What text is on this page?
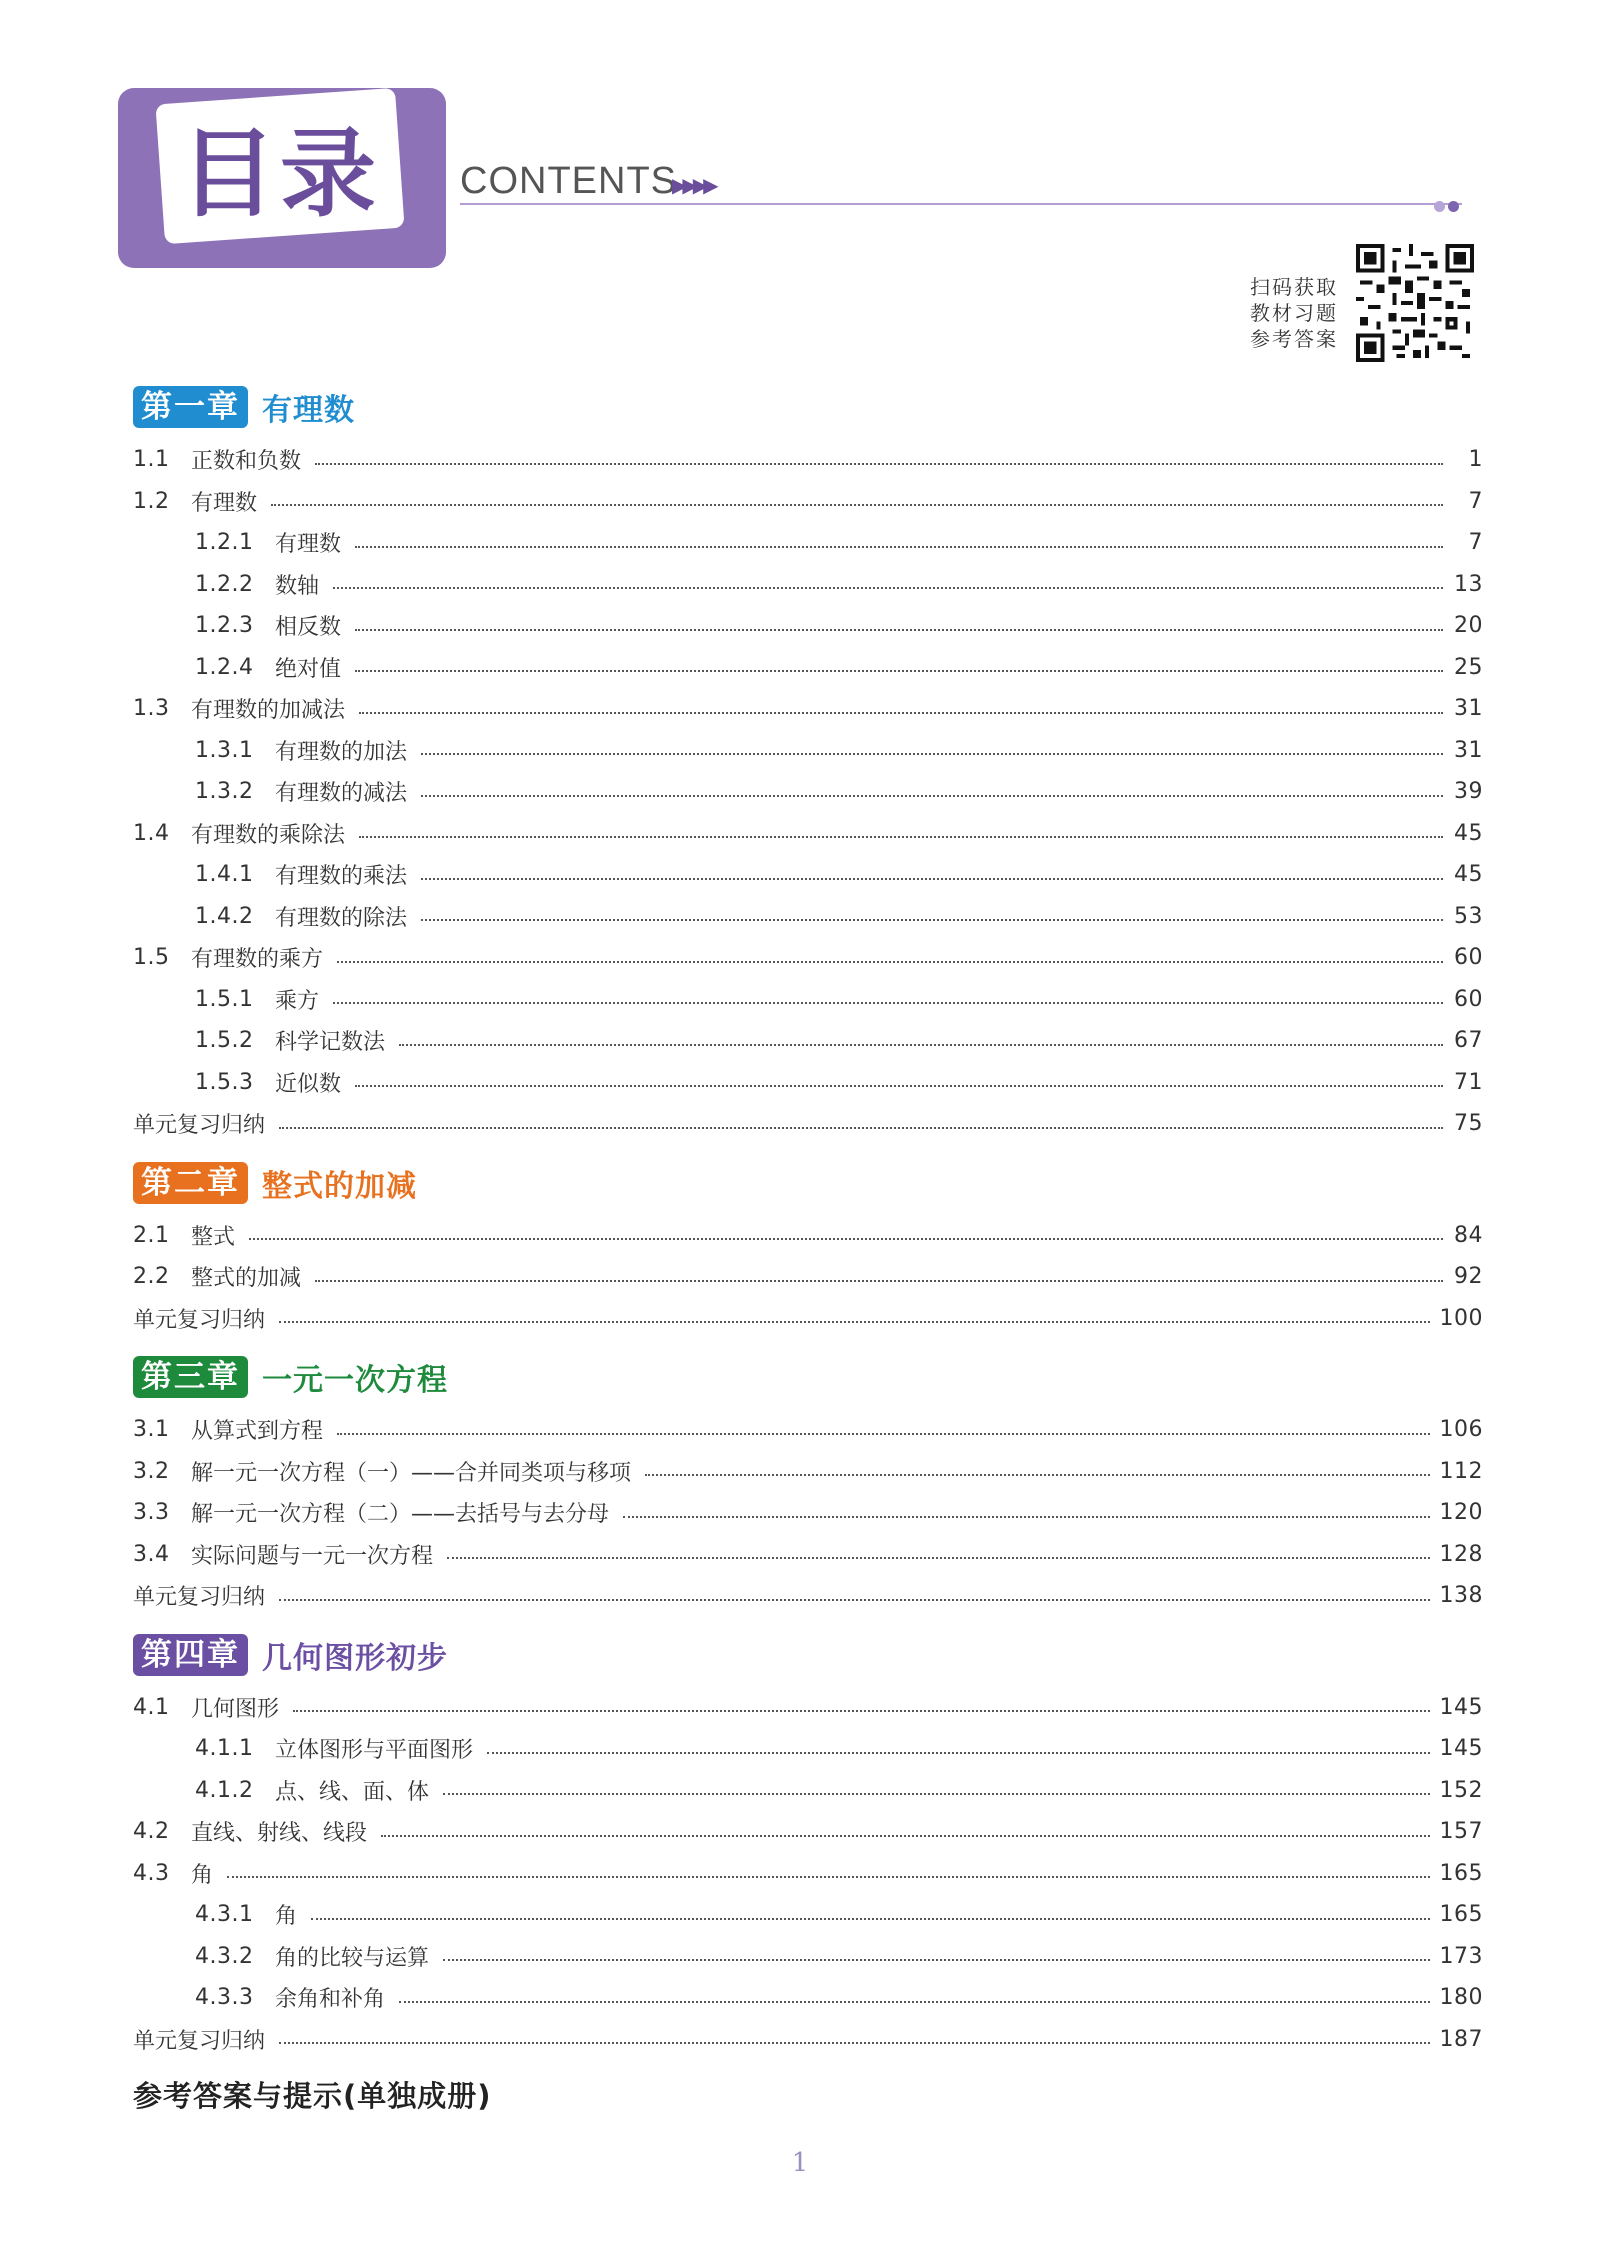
目录 CONTENTS
▶▶▶▶
扫码获取
教材习题
参考答案
第一章 有理数
1.1 正数和负数	1
1.2 有理数	7
1.2.1 有理数	7
1.2.2 数轴	13
1.2.3 相反数	20
1.2.4 绝对值	25
1.3 有理数的加减法	31
1.3.1 有理数的加法	31
1.3.2 有理数的减法	39
1.4 有理数的乘除法	45
1.4.1 有理数的乘法	45
1.4.2 有理数的除法	53
1.5 有理数的乘方	60
1.5.1 乘方	60
1.5.2 科学记数法	67
1.5.3 近似数	71
单元复习归纳	75
第二章 整式的加减
2.1 整式	84
2.2 整式的加减	92
单元复习归纳	100
第三章 一元一次方程
3.1 从算式到方程	106
3.2 解一元一次方程（一）——合并同类项与移项	112
3.3 解一元一次方程（二）——去括号与去分母	120
3.4 实际问题与一元一次方程	128
单元复习归纳	138
第四章 几何图形初步
4.1 几何图形	145
4.1.1 立体图形与平面图形	145
4.1.2 点、线、面、体	152
4.2 直线、射线、线段	157
4.3 角	165
4.3.1 角	165
4.3.2 角的比较与运算	173
4.3.3 余角和补角	180
单元复习归纳	187
参考答案与提示(单独成册)
1
